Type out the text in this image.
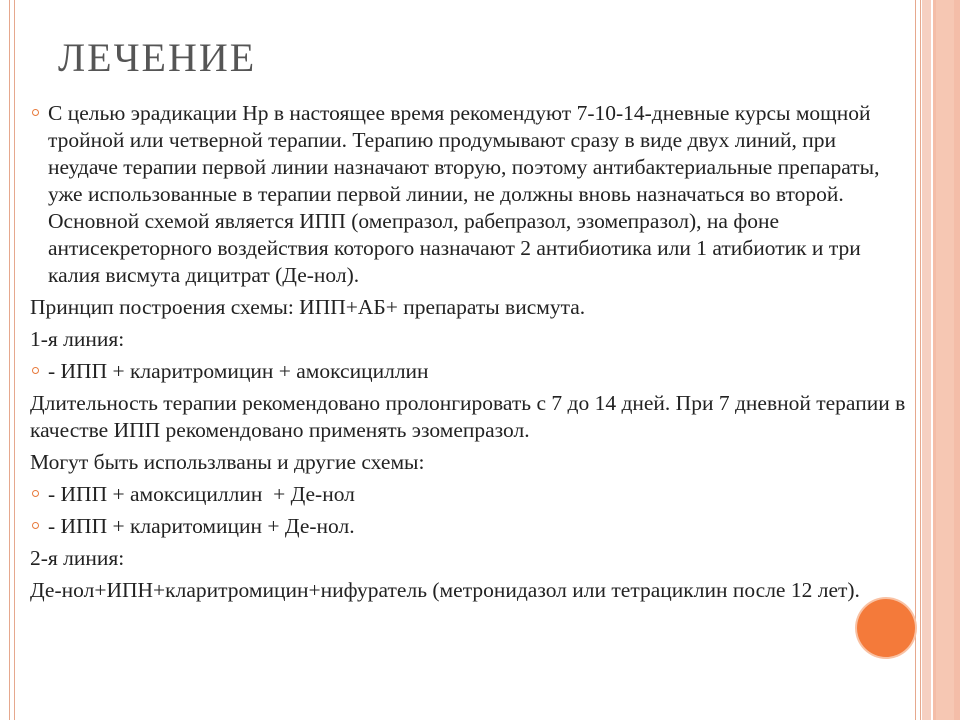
ЛЕЧЕНИЕ
С целью эрадикации Нр в настоящее время рекомендуют 7-10-14-дневные курсы мощной тройной или четверной терапии. Терапию продумывают сразу в виде двух линий, при неудаче терапии первой линии назначают вторую, поэтому антибактериальные препараты, уже использованные в терапии первой линии, не должны вновь назначаться во второй. Основной схемой является ИПП (омепразол, рабепразол, эзомепразол), на фоне антисекреторного воздействия которого назначают 2 антибиотика или 1 атибиотик и три калия висмута дицитрат (Де-нол).
Принцип построения схемы: ИПП+АБ+ препараты висмута.
1-я линия:
- ИПП + кларитромицин + амоксициллин
Длительность терапии рекомендовано пролонгировать с 7 до 14 дней. При 7 дневной терапии в качестве ИПП рекомендовано применять эзомепразол.
Могут быть использлваны и другие схемы:
- ИПП + амоксициллин  + Де-нол
- ИПП + кларитомицин + Де-нол.
2-я линия:
Де-нол+ИПН+кларитромицин+нифуратель (метронидазол или тетрациклин после 12 лет).
